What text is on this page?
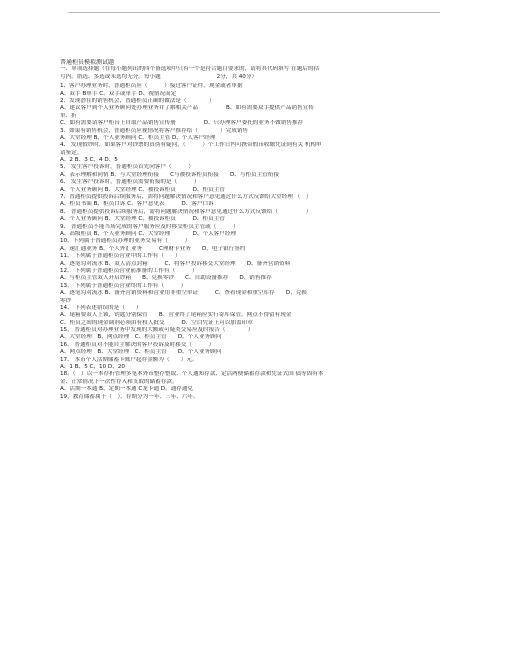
普通柜员模拟测试题
一、单项选择题（在每小题列出的四个备选项中只有一个是符合题目要求的，请将其代码填写 在题后的括
号内。错选、多选或未选均无分。每小题　　　　　　　　　　2分，共 40分）
1、客户办理业务时，普通柜员应（　　　）接过客户证件、现金或者单据
A、双手 B单手 C、双手或单手 D、视情况而定
2、发现潜在的销售机会，普通柜员正确的做法是（　　　　）
A、建议客户到个人业务顾问处办理业务并了解相关产品　　　　　B、如有需要双手提供产品销售宣传
单、折
C、如有需要请客户柜台上自取产品销售宣传册　　　　　D、只办理客户委托的业务不做销售推荐
3、如果有销售机会，普通柜员应视情况将客户推荐给（　　　　）完成销售
A、大堂经理 B、个人业务顾问 C、柜员主管 D、个人客户经理
4、 发现假钞时，如果客户对钞票的真伪有疑问，（　　　）个工作日内可携带假币收缴凭证到有关 机构申
请鉴定。
A、2 B、3 C、4 D、5
5、 发生客户投诉时，普通柜员首先向客户（　　　）
A、表示理解和同情 B、与大堂经理衔接　　C与被投诉柜员衔接　　D、与柜员主管衔接
6、 发生客户投诉时，普通柜员需要衔接的是（　　　）
A、个人业务顾问 B、大堂经理 C、被投诉柜员　　　D、柜员主管
7、普通柜员提供投诉后续服务后，需将问题解决情况和客户意见通过什么方式反馈给大堂经理 （　）
A、柜员书面 B、柜员口诉 C、客户意见表　　　D、客户口诉
8、 普通柜员提供投诉后续服务后，需将问题解决情况和客户意见通过什么方式反馈给（　　　　　）
A、个人业务顾问 B、大堂经理 C、被投诉柜员　　　D、柜员主管
9、 普通柜员不能当场完成的客户服务应及时移交柜员主管或（　　　）
A、高级柜员 B、个人业务顾问 C、大堂经理　　　　D、个人客户经理
10、下列属于普通柜员办理的业务交易有（　　　）
A、速汇通业务 B、个人外汇业务　　　C理财卡业务　　D、电子银行签约
11、 下列属于普通柜员营业中的工作有（　　）
A、逐笔勾对流水 B、双人清点封箱　　　C、将客户投诉移交大堂经理　　D、备齐营销资料
12、 下列属于普通柜员营业前准备的工作有（　　　）
A、与柜员主管双人开启钞箱　　B、兑换零钞　　C、自助设备推荐　　D、销售推荐
13、 下列属于普通柜员营业终的工作有（　　　）
A、逐笔勾对流水 B、备齐营销资料和营业用非重空单证　　　C、查看现金和重空库存　　D、兑换
零钞
14、 下列表述错误的是（　　）
A、尾箱要双人上锁，钥匙分别保管　　B、营业终了尾箱应实行寄库保管，网点不得留有现金
C、柜员之间的现金调剂必须由有权人批交　　　D、空白凭证上可以加盖印章
15、 普通柜员对办理业务中发现的大额或可疑类交易应及时报告（　　　　）
A、大堂经理　B、网点经理　C、柜员主管　　D、个人业务顾问
16、 普通柜员对不能自主解决的客户投诉及时移交（　　　）
A、网点经理　B、大堂经理　C、柜员主管　　D、个人业务顾问
17、 本币个人活期储蓄卡账户起存金额为（　　）元。
A、1 B、5 C、10 D、20
18、（　）以一本存折管理多笔本外币整存整取、个人通知存款、定活两便储蓄存款和凭证式国 债等固有本
金、正常情况下一次性存入和支取的储蓄存款。
A、活期一本通 B、定期一本通 C龙卡通 D、通存通兑
19、教育储蓄属于（　），存期分为一年、三年、六年。
